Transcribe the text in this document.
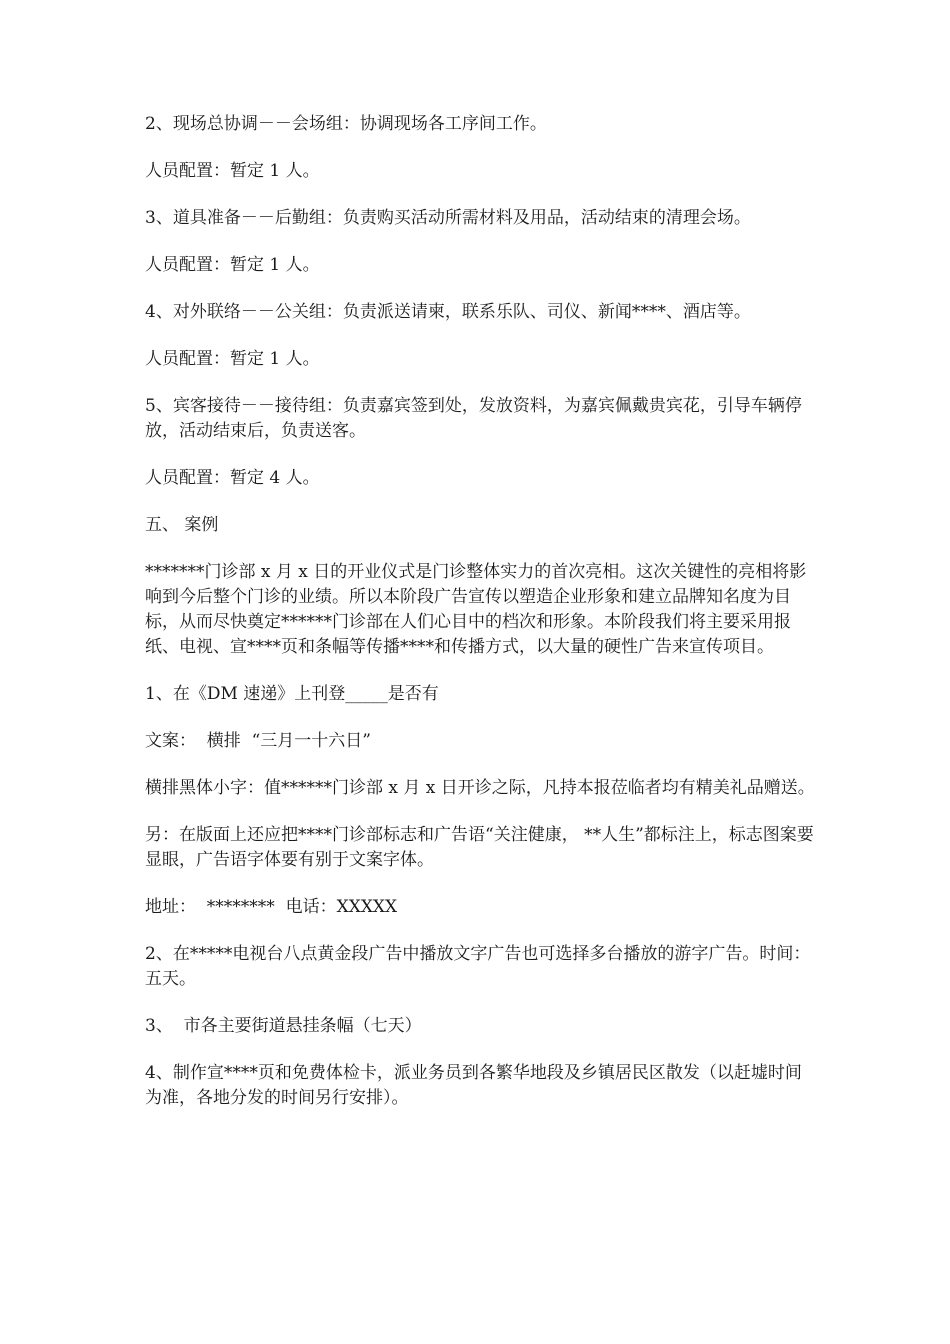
2、现场总协调－－会场组：协调现场各工序间工作。

人员配置：暂定 1 人。

3、道具准备－－后勤组：负责购买活动所需材料及用品，活动结束的清理会场。

人员配置：暂定 1 人。

4、对外联络－－公关组：负责派送请柬，联系乐队、司仪、新闻****、酒店等。

人员配置：暂定 1 人。

5、宾客接待－－接待组：负责嘉宾签到处，发放资料，为嘉宾佩戴贵宾花，引导车辆停放，活动结束后，负责送客。

人员配置：暂定 4 人。

五、 案例

*******门诊部 x 月 x 日的开业仪式是门诊整体实力的首次亮相。这次关键性的亮相将影响到今后整个门诊的业绩。所以本阶段广告宣传以塑造企业形象和建立品牌知名度为目标，从而尽快奠定******门诊部在人们心目中的档次和形象。本阶段我们将主要采用报纸、电视、宣****页和条幅等传播****和传播方式，以大量的硬性广告来宣传项目。

1、在《DM 速递》上刊登_____是否有

文案：  横排  “三月一十六日”

横排黑体小字：值******门诊部 x 月 x 日开诊之际，凡持本报莅临者均有精美礼品赠送。

另：在版面上还应把****门诊部标志和广告语“关注健康， **人生”都标注上，标志图案要显眼，广告语字体要有别于文案字体。

地址：  ********  电话：XXXXX

2、在*****电视台八点黄金段广告中播放文字广告也可选择多台播放的游字广告。时间：五天。

3、  市各主要街道悬挂条幅（七天）

4、制作宣****页和免费体检卡，派业务员到各繁华地段及乡镇居民区散发（以赶墟时间为准，各地分发的时间另行安排）。
